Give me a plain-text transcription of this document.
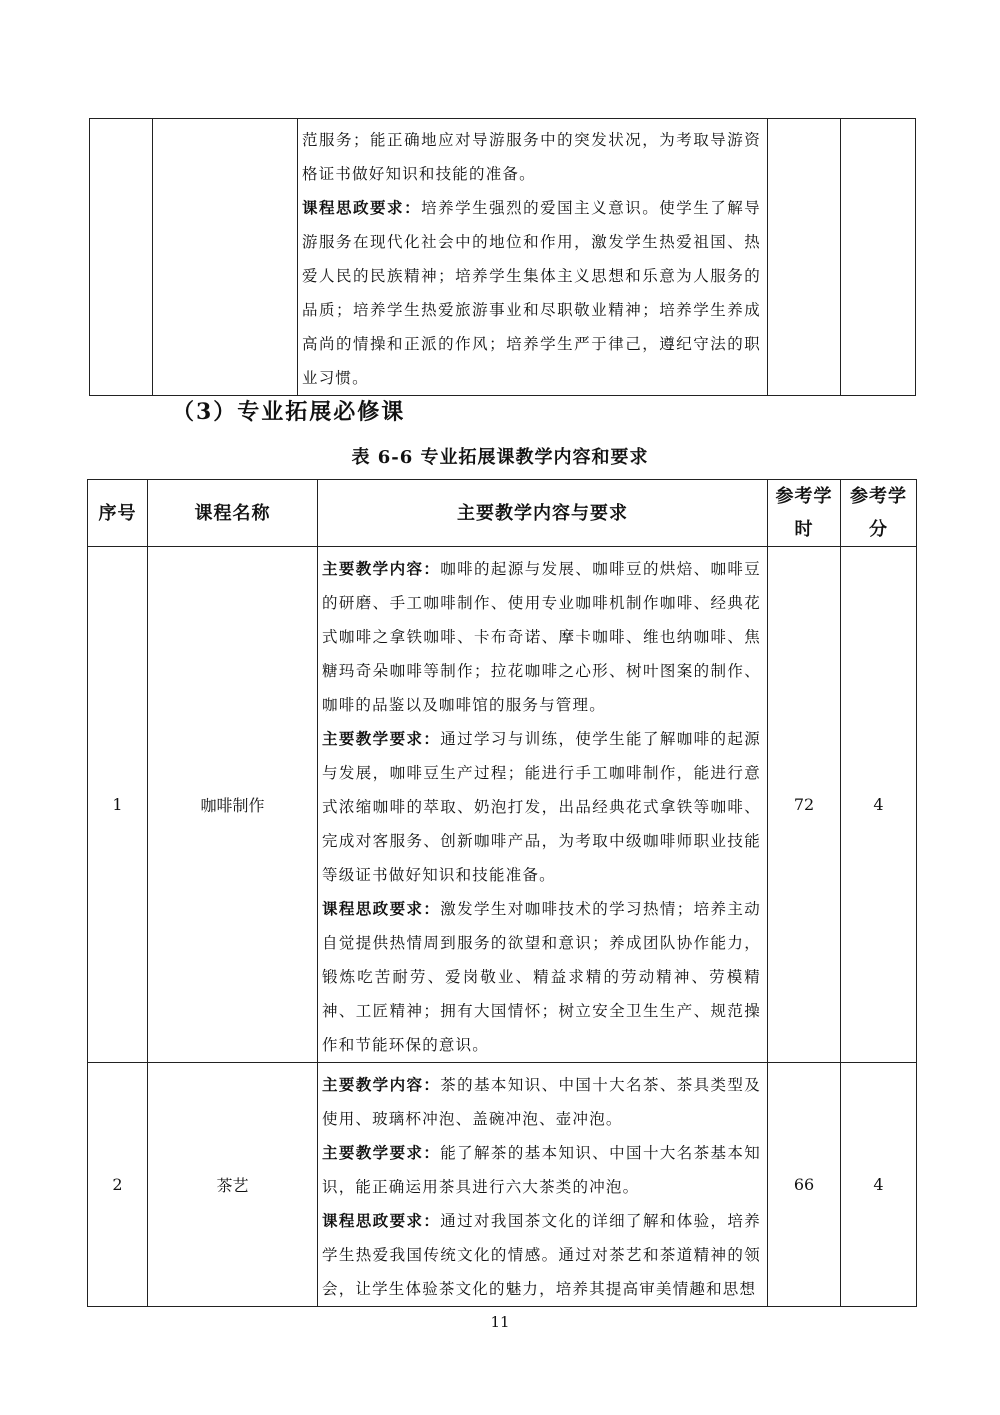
范服务；能正确地应对导游服务中的突发状况，为考取导游资格证书做好知识和技能的准备。

课程思政要求：培养学生强烈的爱国主义意识。使学生了解导游服务在现代化社会中的地位和作用，激发学生热爱祖国、热爱人民的民族精神；培养学生集体主义思想和乐意为人服务的品质；培养学生热爱旅游事业和尽职敬业精神；培养学生养成高尚的情操和正派的作风；培养学生严于律己，遵纪守法的职业习惯。

（3）专业拓展必修课
表 6-6 专业拓展课教学内容和要求
序号	课程名称	主要教学内容与要求	参考学时	参考学分
1	咖啡制作	主要教学内容：咖啡的起源与发展、咖啡豆的烘焙、咖啡豆的研磨、手工咖啡制作、使用专业咖啡机制作咖啡、经典花式咖啡之拿铁咖啡、卡布奇诺、摩卡咖啡、维也纳咖啡、焦糖玛奇朵咖啡等制作；拉花咖啡之心形、树叶图案的制作、咖啡的品鉴以及咖啡馆的服务与管理。

主要教学要求：通过学习与训练，使学生能了解咖啡的起源与发展，咖啡豆生产过程；能进行手工咖啡制作，能进行意式浓缩咖啡的萃取、奶泡打发，出品经典花式拿铁等咖啡、完成对客服务、创新咖啡产品，为考取中级咖啡师职业技能等级证书做好知识和技能准备。

课程思政要求：激发学生对咖啡技术的学习热情；培养主动自觉提供热情周到服务的欲望和意识；养成团队协作能力，锻炼吃苦耐劳、爱岗敬业、精益求精的劳动精神、劳模精神、工匠精神；拥有大国情怀；树立安全卫生生产、规范操作和节能环保的意识。	72	4
2	茶艺	主要教学内容：茶的基本知识、中国十大名茶、茶具类型及使用、玻璃杯冲泡、盖碗冲泡、壶冲泡。

主要教学要求：能了解茶的基本知识、中国十大名茶基本知识，能正确运用茶具进行六大茶类的冲泡。

课程思政要求：通过对我国茶文化的详细了解和体验，培养学生热爱我国传统文化的情感。通过对茶艺和茶道精神的领会，让学生体验茶文化的魅力，培养其提高审美情趣和思想	66	4
11
